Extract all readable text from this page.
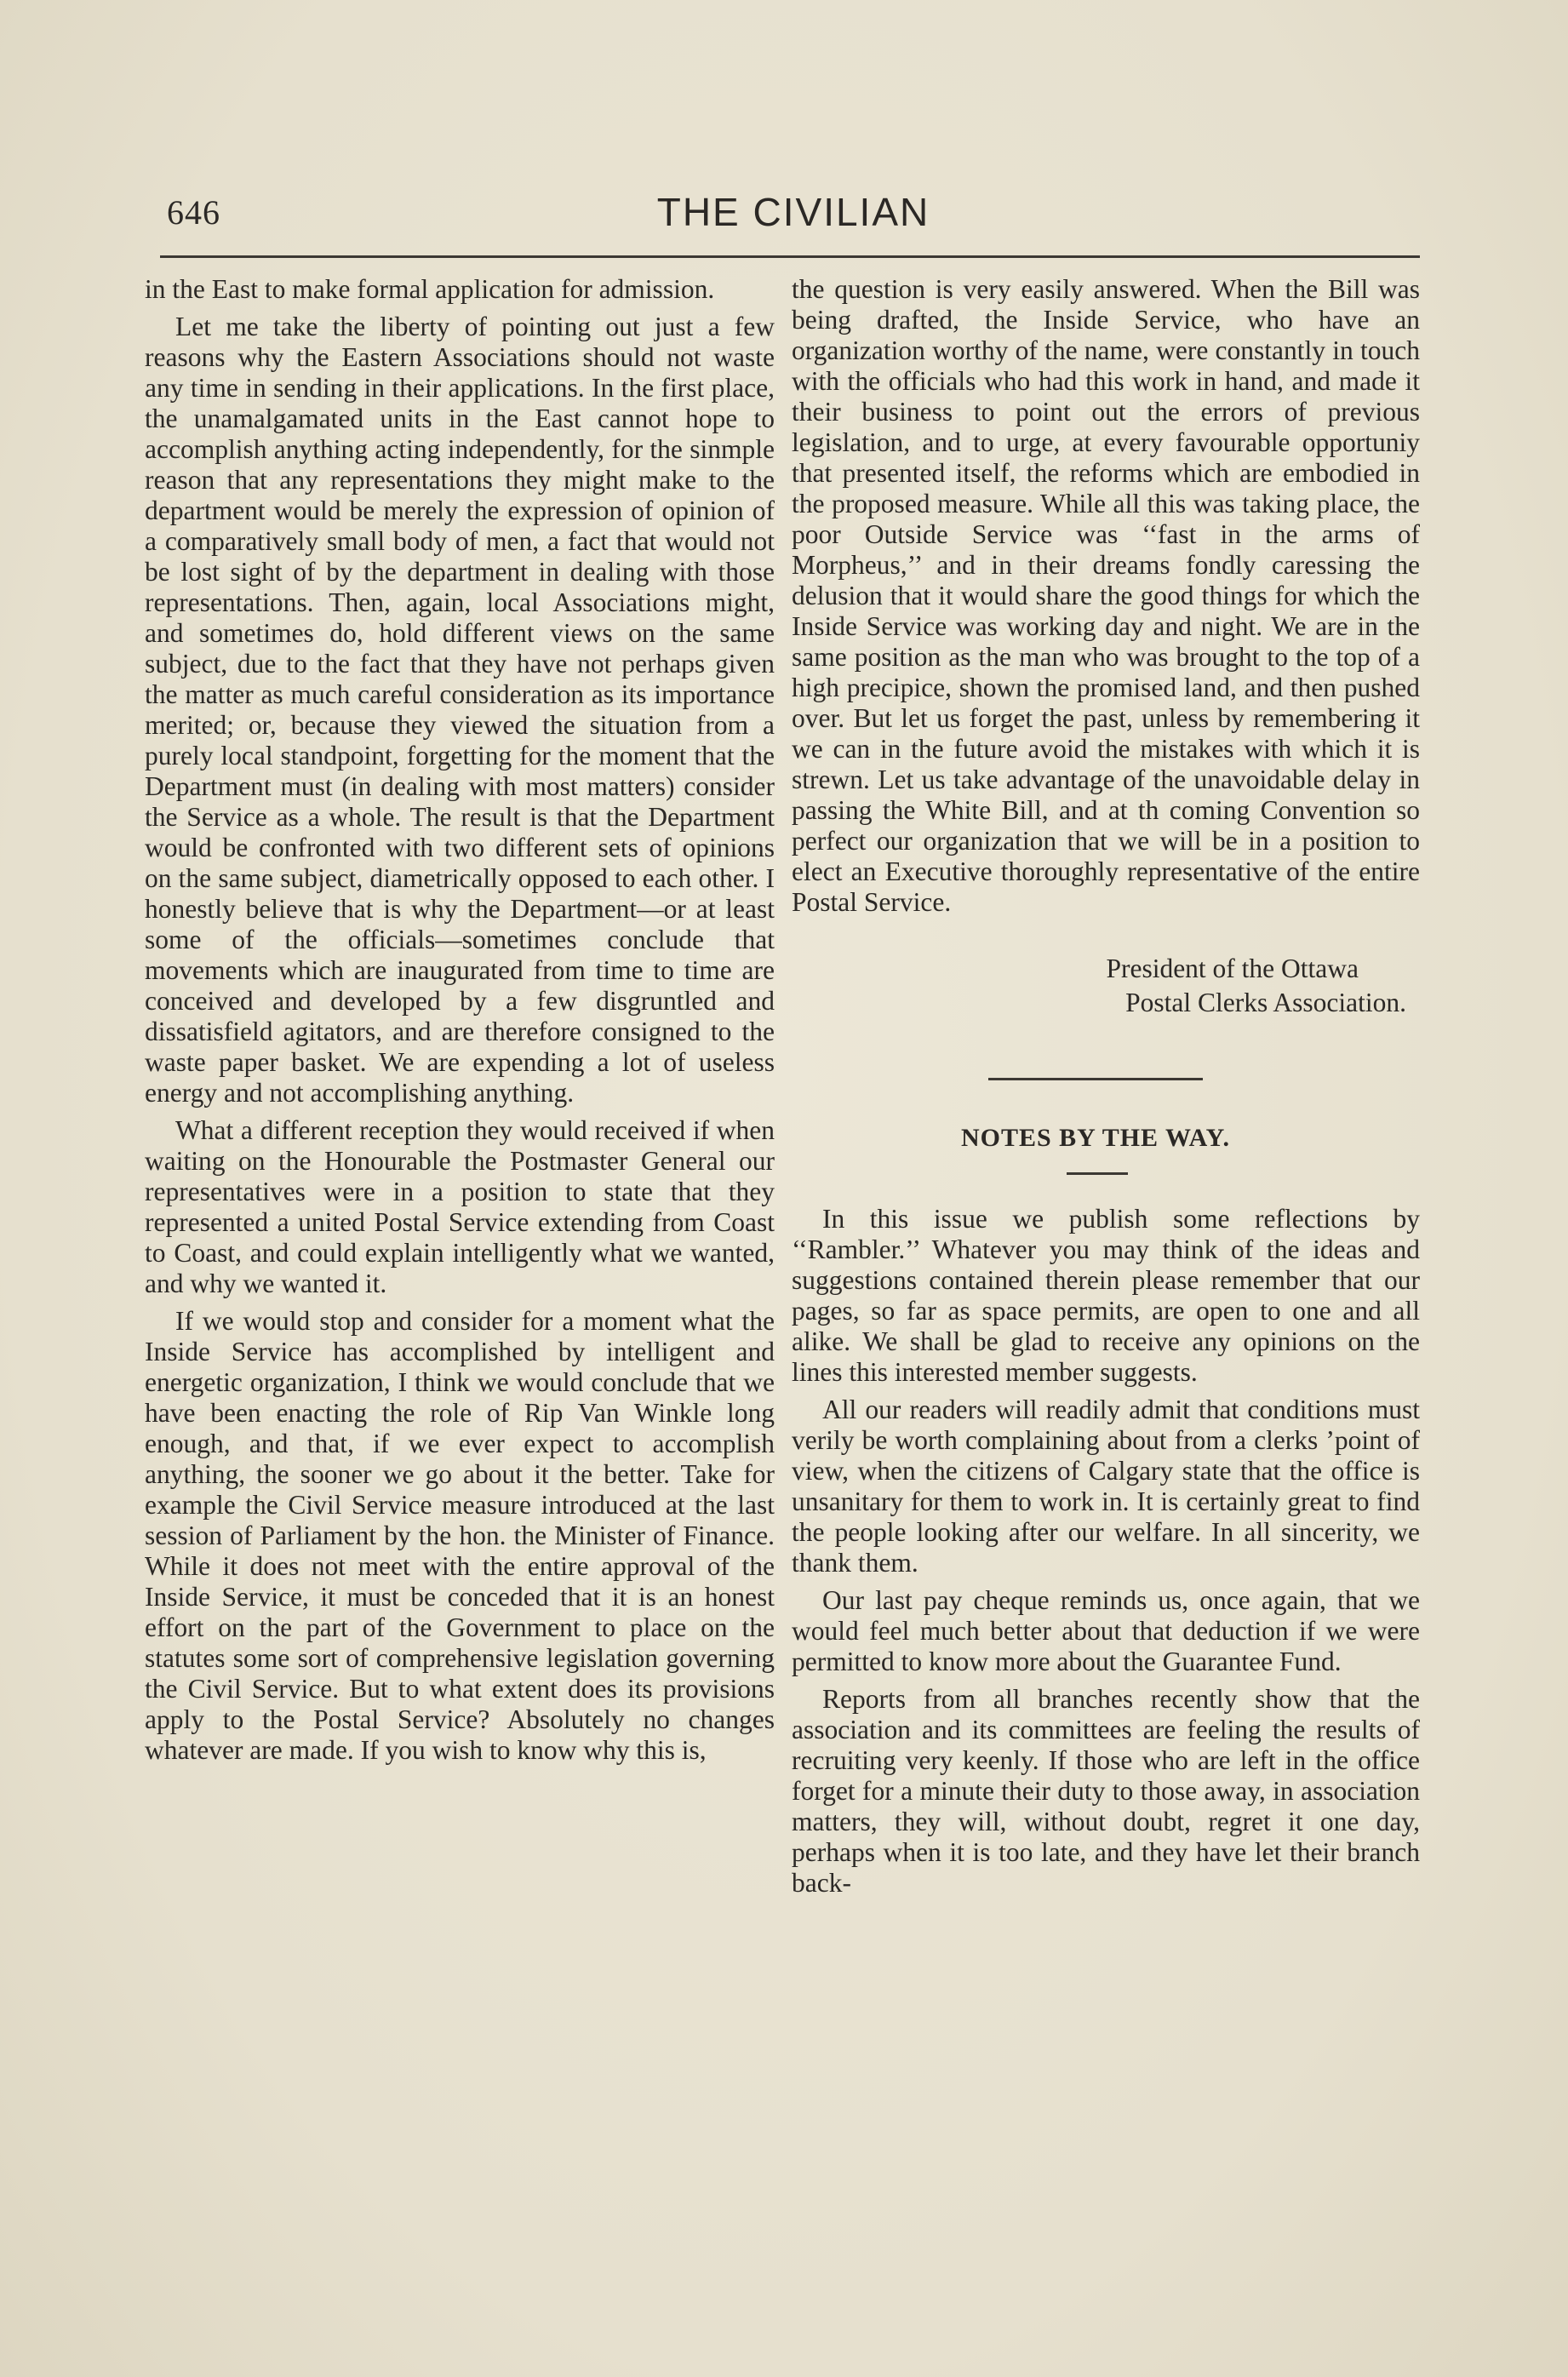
646	THE CIVILIAN

in the East to make formal application for admission.

Let me take the liberty of pointing out just a few reasons why the Eastern Associations should not waste any time in sending in their applications. In the first place, the unamalgamated units in the East cannot hope to accomplish anything acting independently, for the sinmple reason that any representations they might make to the department would be merely the expression of opinion of a comparatively small body of men, a fact that would not be lost sight of by the department in dealing with those representations. Then, again, local Associations might, and sometimes do, hold different views on the same subject, due to the fact that they have not perhaps given the matter as much careful consideration as its importance merited; or, because they viewed the situation from a purely local standpoint, forgetting for the moment that the Department must (in dealing with most matters) consider the Service as a whole. The result is that the Department would be confronted with two different sets of opinions on the same subject, diametrically opposed to each other. I honestly believe that is why the Department—or at least some of the officials—sometimes conclude that movements which are inaugurated from time to time are conceived and developed by a few disgruntled and dissatisfield agitators, and are therefore consigned to the waste paper basket. We are expending a lot of useless energy and not accomplishing anything.

What a different reception they would received if when waiting on the Honourable the Postmaster General our representatives were in a position to state that they represented a united Postal Service extending from Coast to Coast, and could explain intelligently what we wanted, and why we wanted it.

If we would stop and consider for a moment what the Inside Service has accomplished by intelligent and energetic organization, I think we would conclude that we have been enacting the role of Rip Van Winkle long enough, and that, if we ever expect to accomplish anything, the sooner we go about it the better. Take for example the Civil Service measure introduced at the last session of Parliament by the hon. the Minister of Finance. While it does not meet with the entire approval of the Inside Service, it must be conceded that it is an honest effort on the part of the Government to place on the statutes some sort of comprehensive legislation governing the Civil Service. But to what extent does its provisions apply to the Postal Service? Absolutely no changes whatever are made. If you wish to know why this is,

the question is very easily answered. When the Bill was being drafted, the Inside Service, who have an organization worthy of the name, were constantly in touch with the officials who had this work in hand, and made it their business to point out the errors of previous legislation, and to urge, at every favourable opportuniy that presented itself, the reforms which are embodied in the proposed measure. While all this was taking place, the poor Outside Service was ‘‘fast in the arms of Morpheus,’’ and in their dreams fondly caressing the delusion that it would share the good things for which the Inside Service was working day and night. We are in the same position as the man who was brought to the top of a high precipice, shown the promised land, and then pushed over. But let us forget the past, unless by remembering it we can in the future avoid the mistakes with which it is strewn. Let us take advantage of the unavoidable delay in passing the White Bill, and at th coming Convention so perfect our organization that we will be in a position to elect an Executive thoroughly representative of the entire Postal Service.

President of the Ottawa
Postal Clerks Association.
NOTES BY THE WAY.

In this issue we publish some reflections by ‘‘Rambler.’’ Whatever you may think of the ideas and suggestions contained therein please remember that our pages, so far as space permits, are open to one and all alike. We shall be glad to receive any opinions on the lines this interested member suggests.

All our readers will readily admit that conditions must verily be worth complaining about from a clerks ’point of view, when the citizens of Calgary state that the office is unsanitary for them to work in. It is certainly great to find the people looking after our welfare. In all sincerity, we thank them.

Our last pay cheque reminds us, once again, that we would feel much better about that deduction if we were permitted to know more about the Guarantee Fund.

Reports from all branches recently show that the association and its committees are feeling the results of recruiting very keenly. If those who are left in the office forget for a minute their duty to those away, in association matters, they will, without doubt, regret it one day, perhaps when it is too late, and they have let their branch back-
